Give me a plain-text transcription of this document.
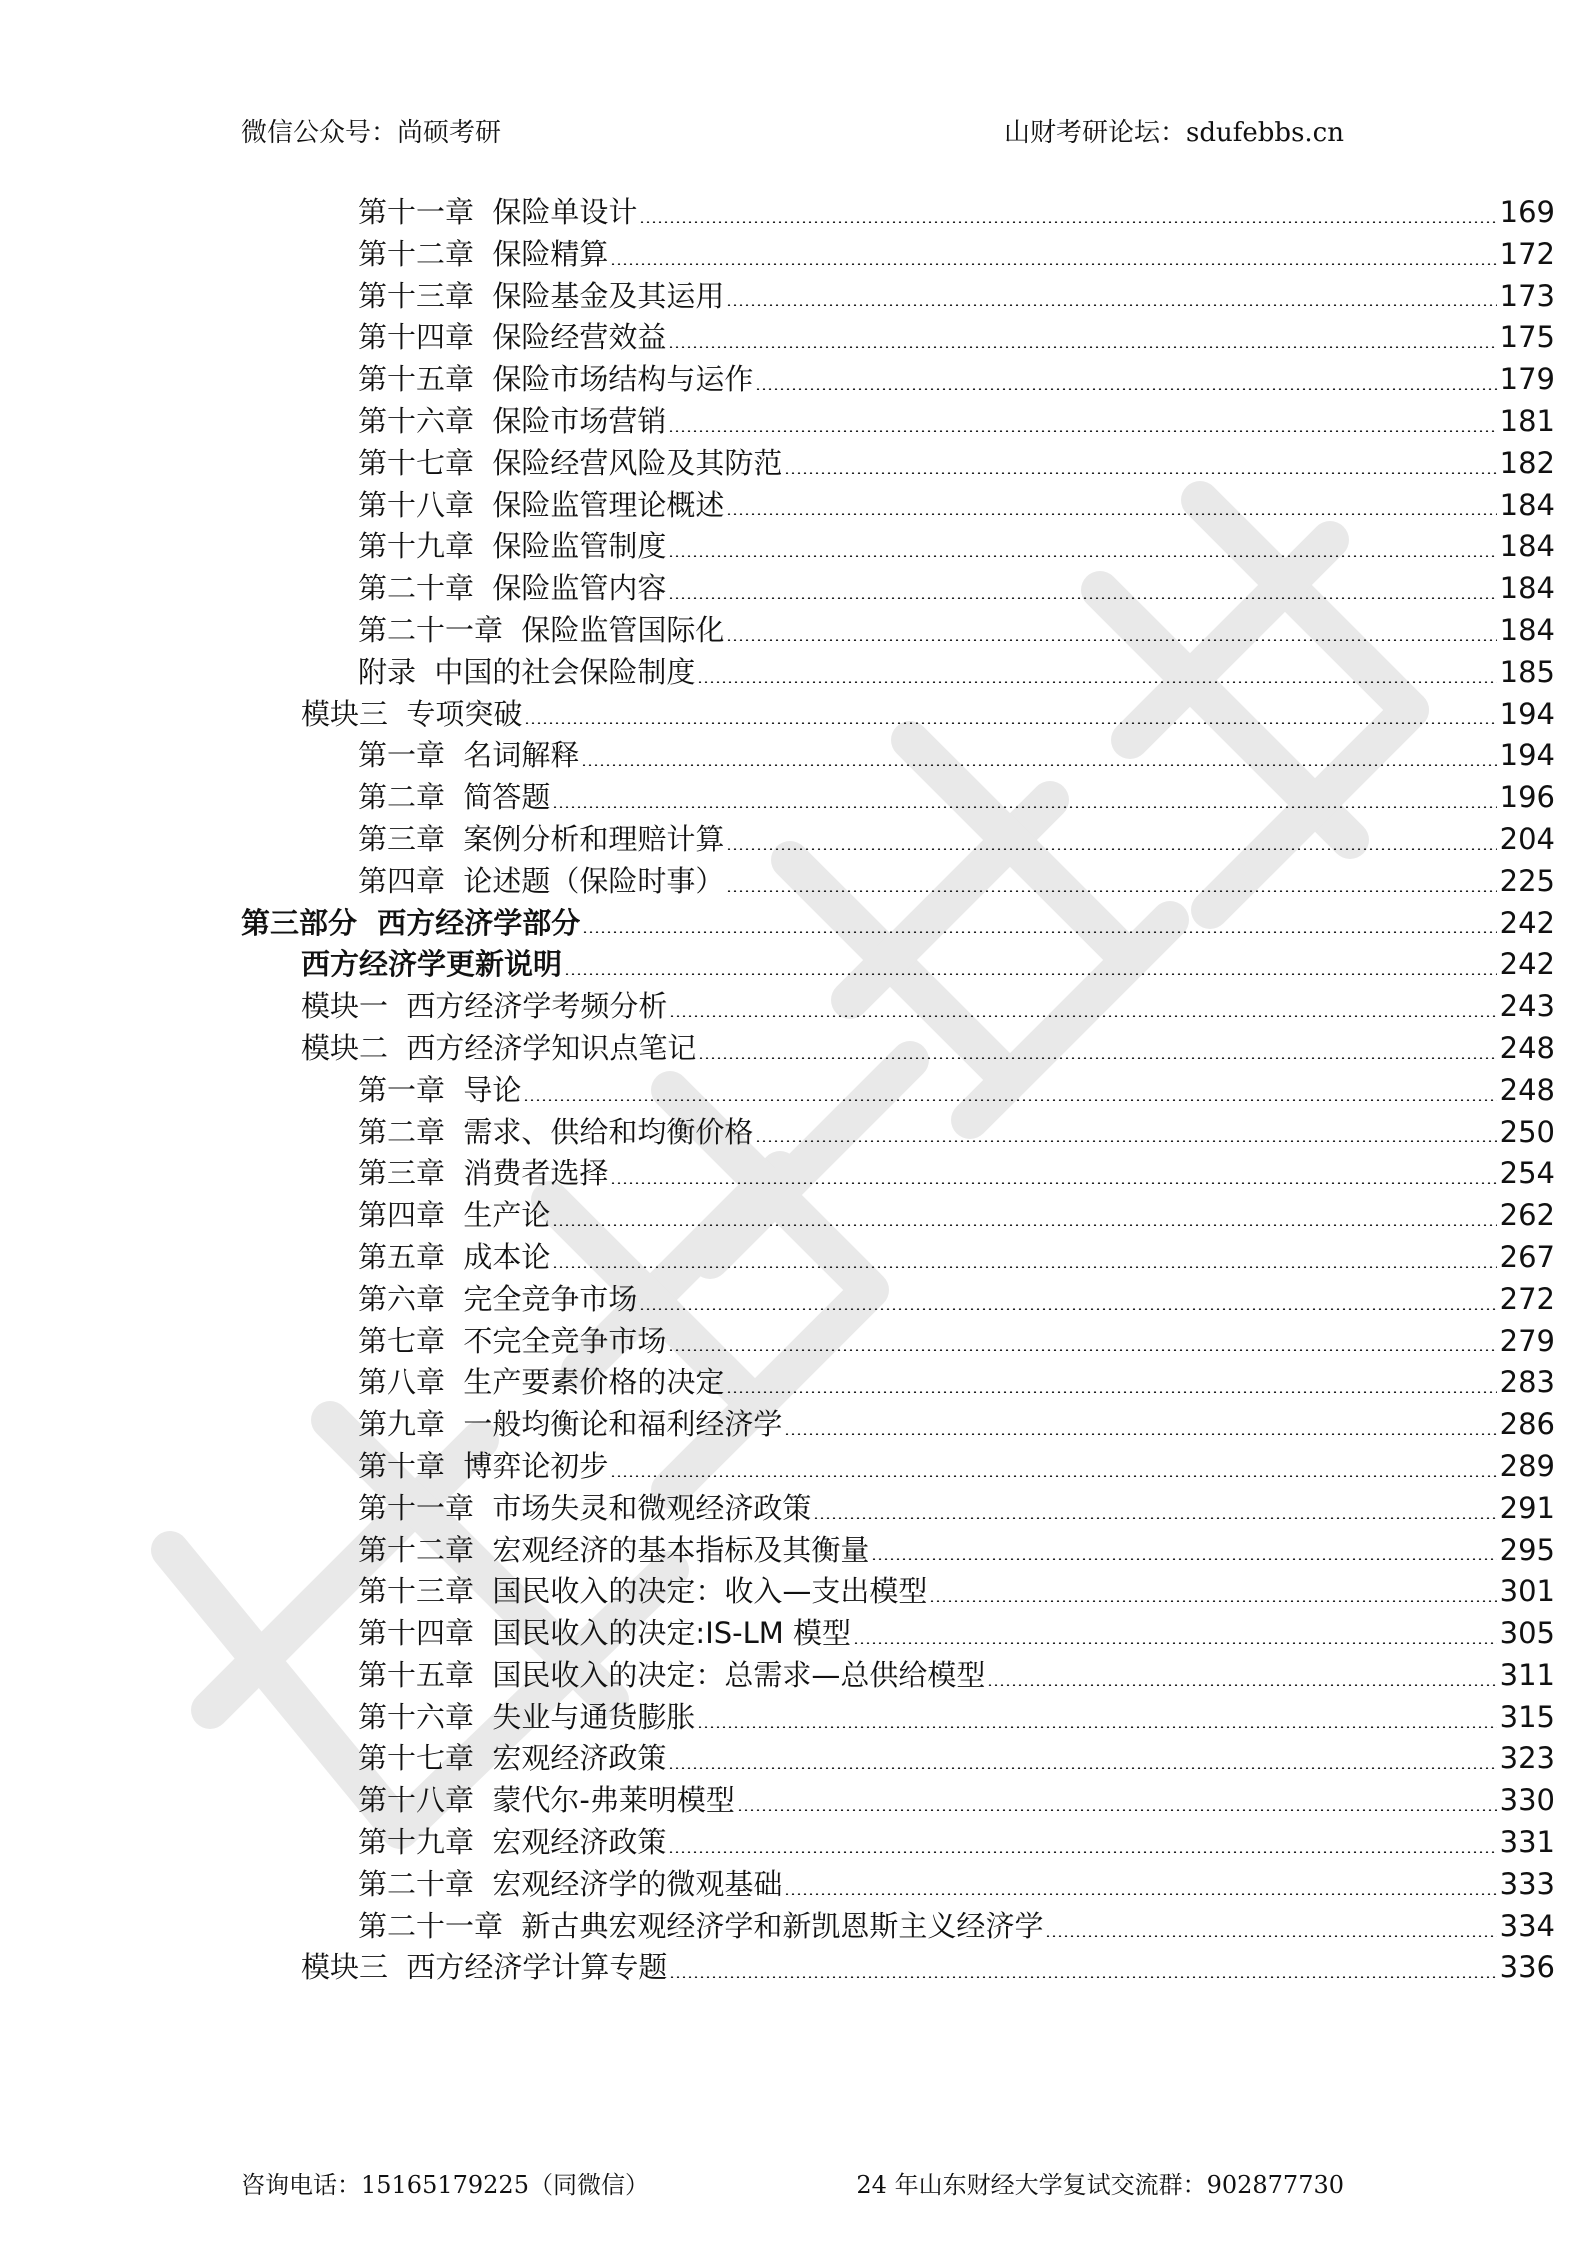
微信公众号：尚硕考研	山财考研论坛：sdufebbs.cn
第十一章  保险单设计	169
第十二章  保险精算	172
第十三章  保险基金及其运用	173
第十四章  保险经营效益	175
第十五章  保险市场结构与运作	179
第十六章  保险市场营销	181
第十七章  保险经营风险及其防范	182
第十八章  保险监管理论概述	184
第十九章  保险监管制度	184
第二十章  保险监管内容	184
第二十一章  保险监管国际化	184
附录  中国的社会保险制度	185
模块三  专项突破	194
第一章  名词解释	194
第二章  简答题	196
第三章  案例分析和理赔计算	204
第四章  论述题（保险时事）	225
第三部分  西方经济学部分	242
西方经济学更新说明	242
模块一  西方经济学考频分析	243
模块二  西方经济学知识点笔记	248
第一章  导论	248
第二章  需求、供给和均衡价格	250
第三章  消费者选择	254
第四章  生产论	262
第五章  成本论	267
第六章  完全竞争市场	272
第七章  不完全竞争市场	279
第八章  生产要素价格的决定	283
第九章  一般均衡论和福利经济学	286
第十章  博弈论初步	289
第十一章  市场失灵和微观经济政策	291
第十二章  宏观经济的基本指标及其衡量	295
第十三章  国民收入的决定：收入—支出模型	301
第十四章  国民收入的决定:IS-LM 模型	305
第十五章  国民收入的决定：总需求—总供给模型	311
第十六章  失业与通货膨胀	315
第十七章  宏观经济政策	323
第十八章  蒙代尔-弗莱明模型	330
第十九章  宏观经济政策	331
第二十章  宏观经济学的微观基础	333
第二十一章  新古典宏观经济学和新凯恩斯主义经济学	334
模块三  西方经济学计算专题	336
咨询电话：15165179225（同微信）	24 年山东财经大学复试交流群：902877730
